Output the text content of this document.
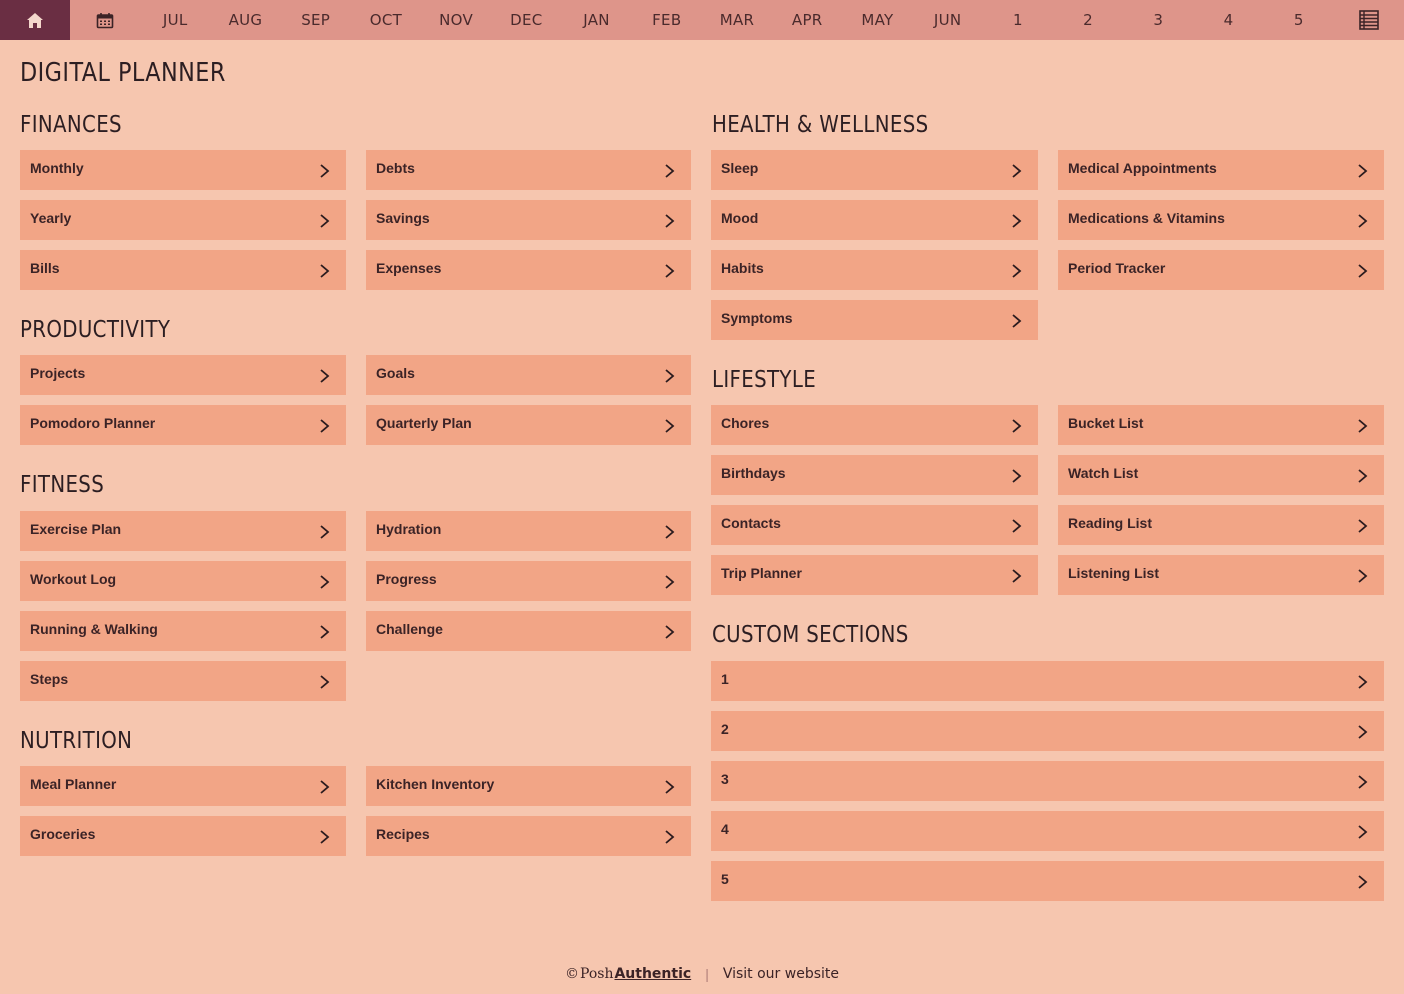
JUL	AUG	SEP	OCT	NOV	DEC	JAN	FEB	MAR	APR	MAY	JUN	1	2	3	4	5
DIGITAL PLANNER
FINANCES
PRODUCTIVITY
FITNESS
NUTRITION
HEALTH & WELLNESS
LIFESTYLE
CUSTOM SECTIONS
Monthly	Debts
Yearly	Savings
Bills	Expenses
Projects	Goals
Pomodoro Planner	Quarterly Plan
Exercise Plan	Hydration
Workout Log	Progress
Running & Walking	Challenge
Steps
Meal Planner	Kitchen Inventory
Groceries	Recipes
Sleep	Medical Appointments
Mood	Medications & Vitamins
Habits	Period Tracker
Symptoms
Chores	Bucket List
Birthdays	Watch List
Contacts	Reading List
Trip Planner	Listening List
1
2
3
4
5
© Posh Authentic | Visit our website
